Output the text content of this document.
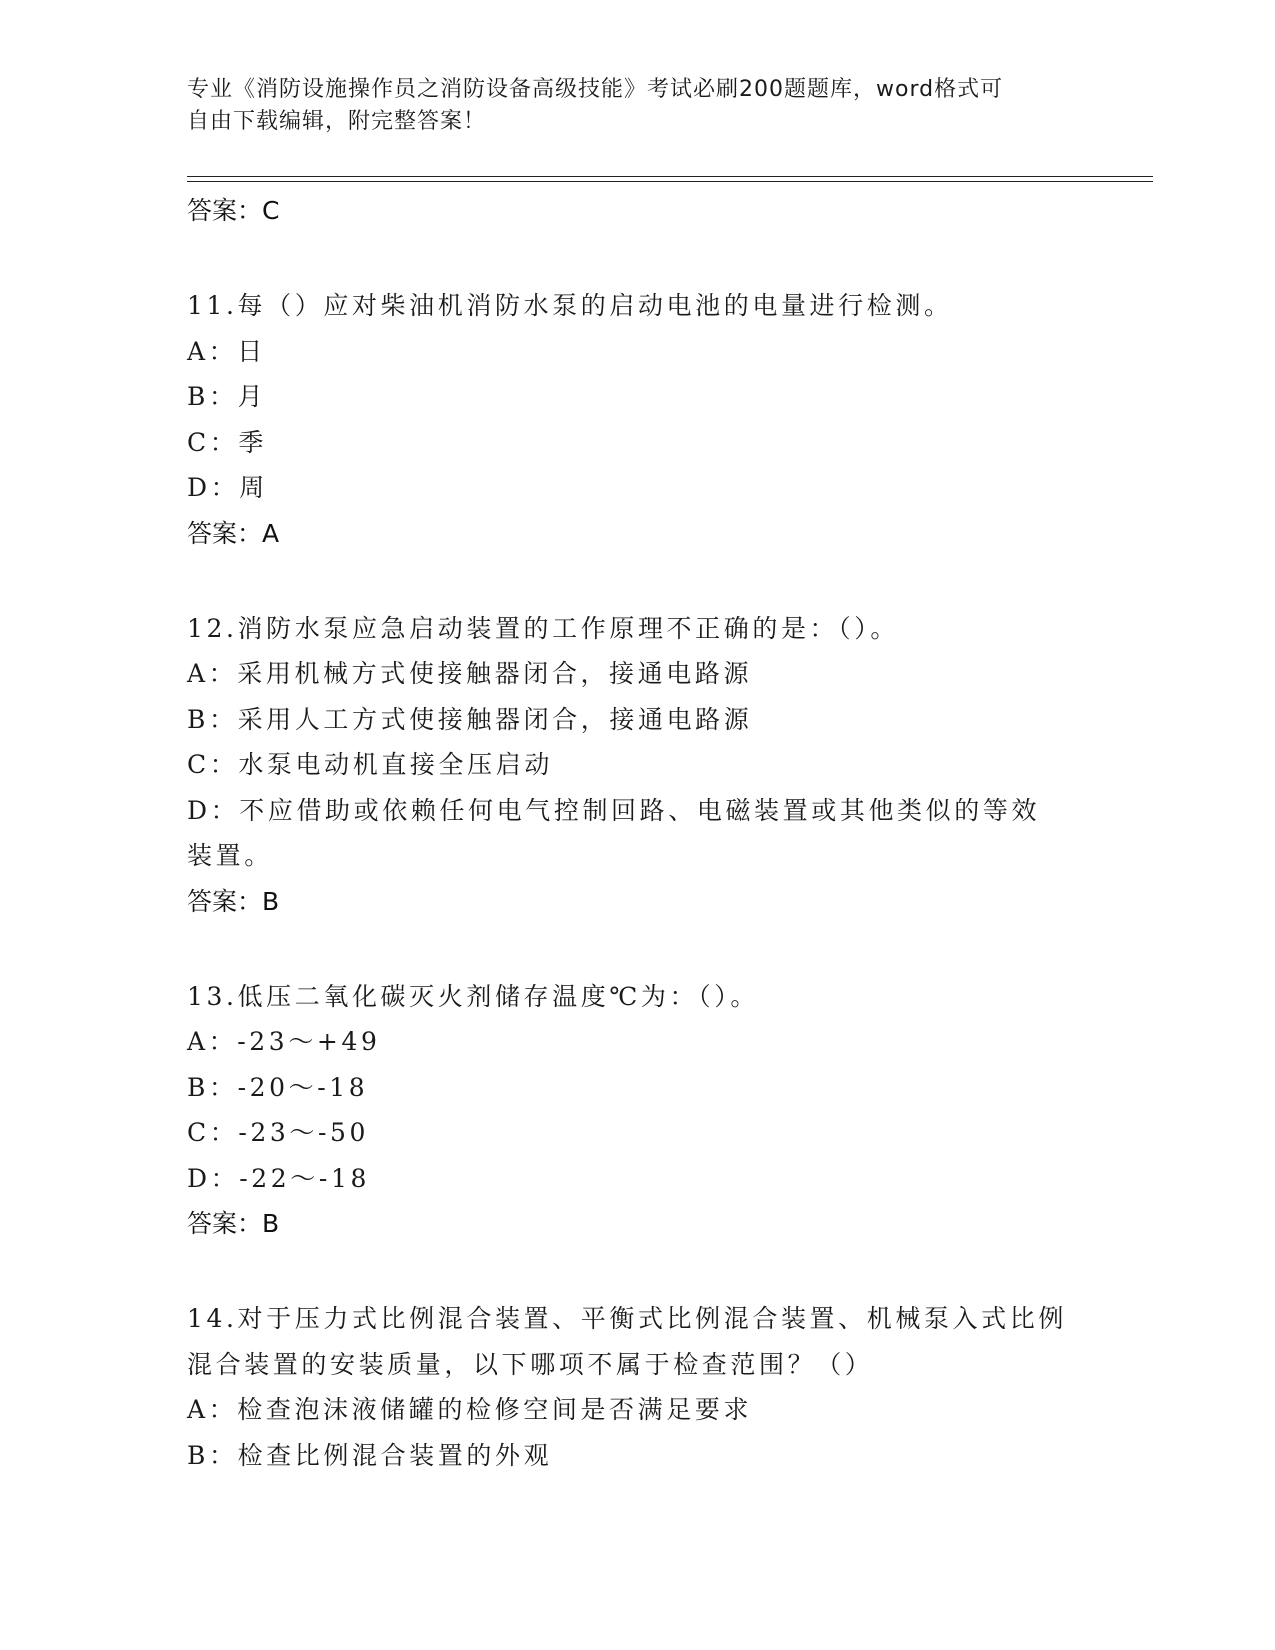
专业《消防设施操作员之消防设备高级技能》考试必刷200题题库，word格式可
自由下载编辑，附完整答案！
答案：C
11.每（）应对柴油机消防水泵的启动电池的电量进行检测。
A：日
B：月
C：季
D：周
答案：A
12.消防水泵应急启动装置的工作原理不正确的是：（）。
A：采用机械方式使接触器闭合，接通电路源
B：采用人工方式使接触器闭合，接通电路源
C：水泵电动机直接全压启动
D：不应借助或依赖任何电气控制回路、电磁装置或其他类似的等效装置。
答案：B
13.低压二氧化碳灭火剂储存温度℃为：（）。
A：-23～+49
B：-20～-18
C：-23～-50
D：-22～-18
答案：B
14.对于压力式比例混合装置、平衡式比例混合装置、机械泵入式比例混合装置的安装质量，以下哪项不属于检查范围？（）
A：检查泡沫液储罐的检修空间是否满足要求
B：检查比例混合装置的外观
